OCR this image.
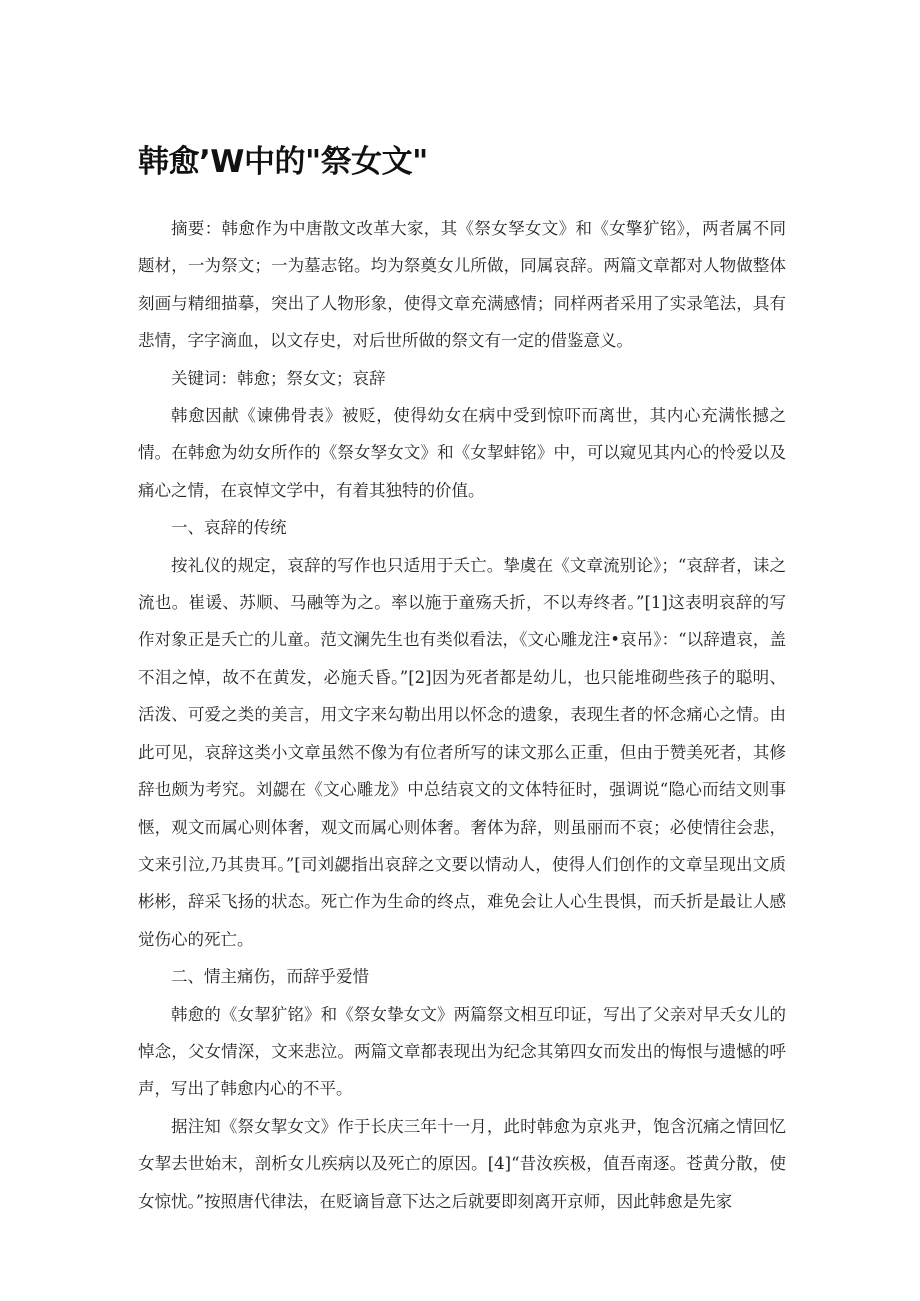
韩愈’W中的"祭女文"

摘要：韩愈作为中唐散文改革大家，其《祭女孥女文》和《女擎犷铭》，两者属不同题材，一为祭文；一为墓志铭。均为祭奠女儿所做，同属哀辞。两篇文章都对人物做整体刻画与精细描摹，突出了人物形象，使得文章充满感情；同样两者采用了实录笔法，具有悲情，字字滴血，以文存史，对后世所做的祭文有一定的借鉴意义。

关键词：韩愈；祭女文；哀辞

韩愈因献《谏佛骨表》被贬，使得幼女在病中受到惊吓而离世，其内心充满怅撼之情。在韩愈为幼女所作的《祭女孥女文》和《女挈蚌铭》中，可以窥见其内心的怜爱以及痛心之情，在哀悼文学中，有着其独特的价值。

一、哀辞的传统

按礼仪的规定，哀辞的写作也只适用于夭亡。挚虞在《文章流别论》；“哀辞者，诔之流也。崔谖、苏顺、马融等为之。率以施于童殇夭折，不以寿终者。”[1]这表明哀辞的写作对象正是夭亡的儿童。范文澜先生也有类似看法，《文心雕龙注•哀吊》：“以辞遣哀，盖不泪之悼，故不在黄发，必施夭昏。”[2]因为死者都是幼儿，也只能堆砌些孩子的聪明、活泼、可爱之类的美言，用文字来勾勒出用以怀念的遗象，表现生者的怀念痛心之情。由此可见，哀辞这类小文章虽然不像为有位者所写的诔文那么正重，但由于赞美死者，其修辞也颇为考究。刘勰在《文心雕龙》中总结哀文的文体特征时，强调说“隐心而结文则事惬，观文而属心则体奢，观文而属心则体奢。奢体为辞，则虽丽而不哀；必使情往会悲，文来引泣,乃其贵耳。”[司刘勰指出哀辞之文要以情动人，使得人们创作的文章呈现出文质彬彬，辞采飞扬的状态。死亡作为生命的终点，难免会让人心生畏惧，而夭折是最让人感觉伤心的死亡。

二、情主痛伤，而辞乎爱惜

韩愈的《女挈犷铭》和《祭女挚女文》两篇祭文相互印证，写出了父亲对早夭女儿的悼念，父女情深，文来悲泣。两篇文章都表现出为纪念其第四女而发出的悔恨与遗憾的呼声，写出了韩愈内心的不平。

据注知《祭女挈女文》作于长庆三年十一月，此时韩愈为京兆尹，饱含沉痛之情回忆女挈去世始末，剖析女儿疾病以及死亡的原因。[4]“昔汝疾极，值吾南逐。苍黄分散，使女惊忧。”按照唐代律法，在贬谪旨意下达之后就要即刻离开京师，因此韩愈是先家
